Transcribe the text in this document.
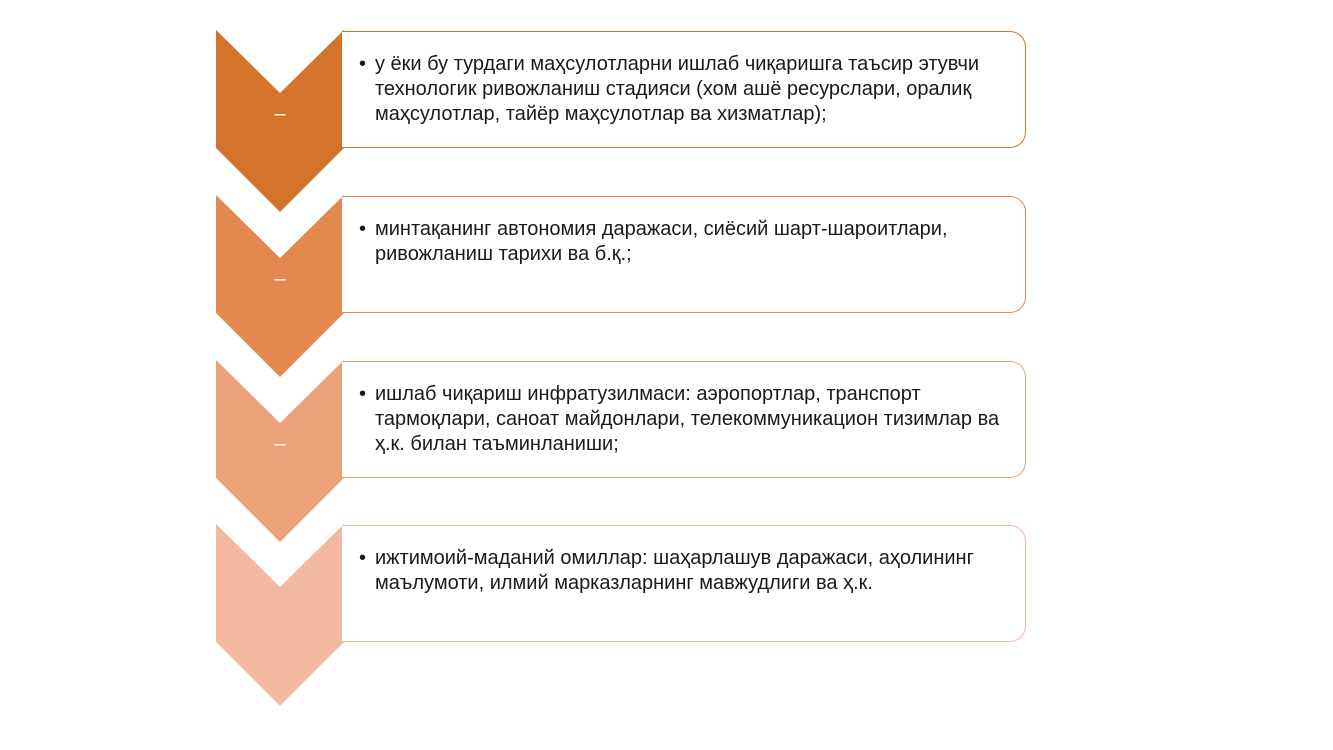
–
• у ёки бу турдаги маҳсулотларни ишлаб чиқаришга таъсир этувчи технологик ривожланиш стадияси (хом ашё ресурслари, оралиқ маҳсулотлар, тайёр маҳсулотлар ва хизматлар);
–
• минтақанинг автономия даражаси, сиёсий шарт-шароитлари, ривожланиш тарихи ва б.қ.;
–
• ишлаб чиқариш инфратузилмаси: аэропортлар, транспорт тармоқлари, саноат майдонлари, телекоммуникацион тизимлар ва ҳ.к. билан таъминланиши;
• ижтимоий-маданий омиллар: шаҳарлашув даражаси, аҳолининг маълумоти, илмий марказларнинг мавжудлиги ва ҳ.к.
